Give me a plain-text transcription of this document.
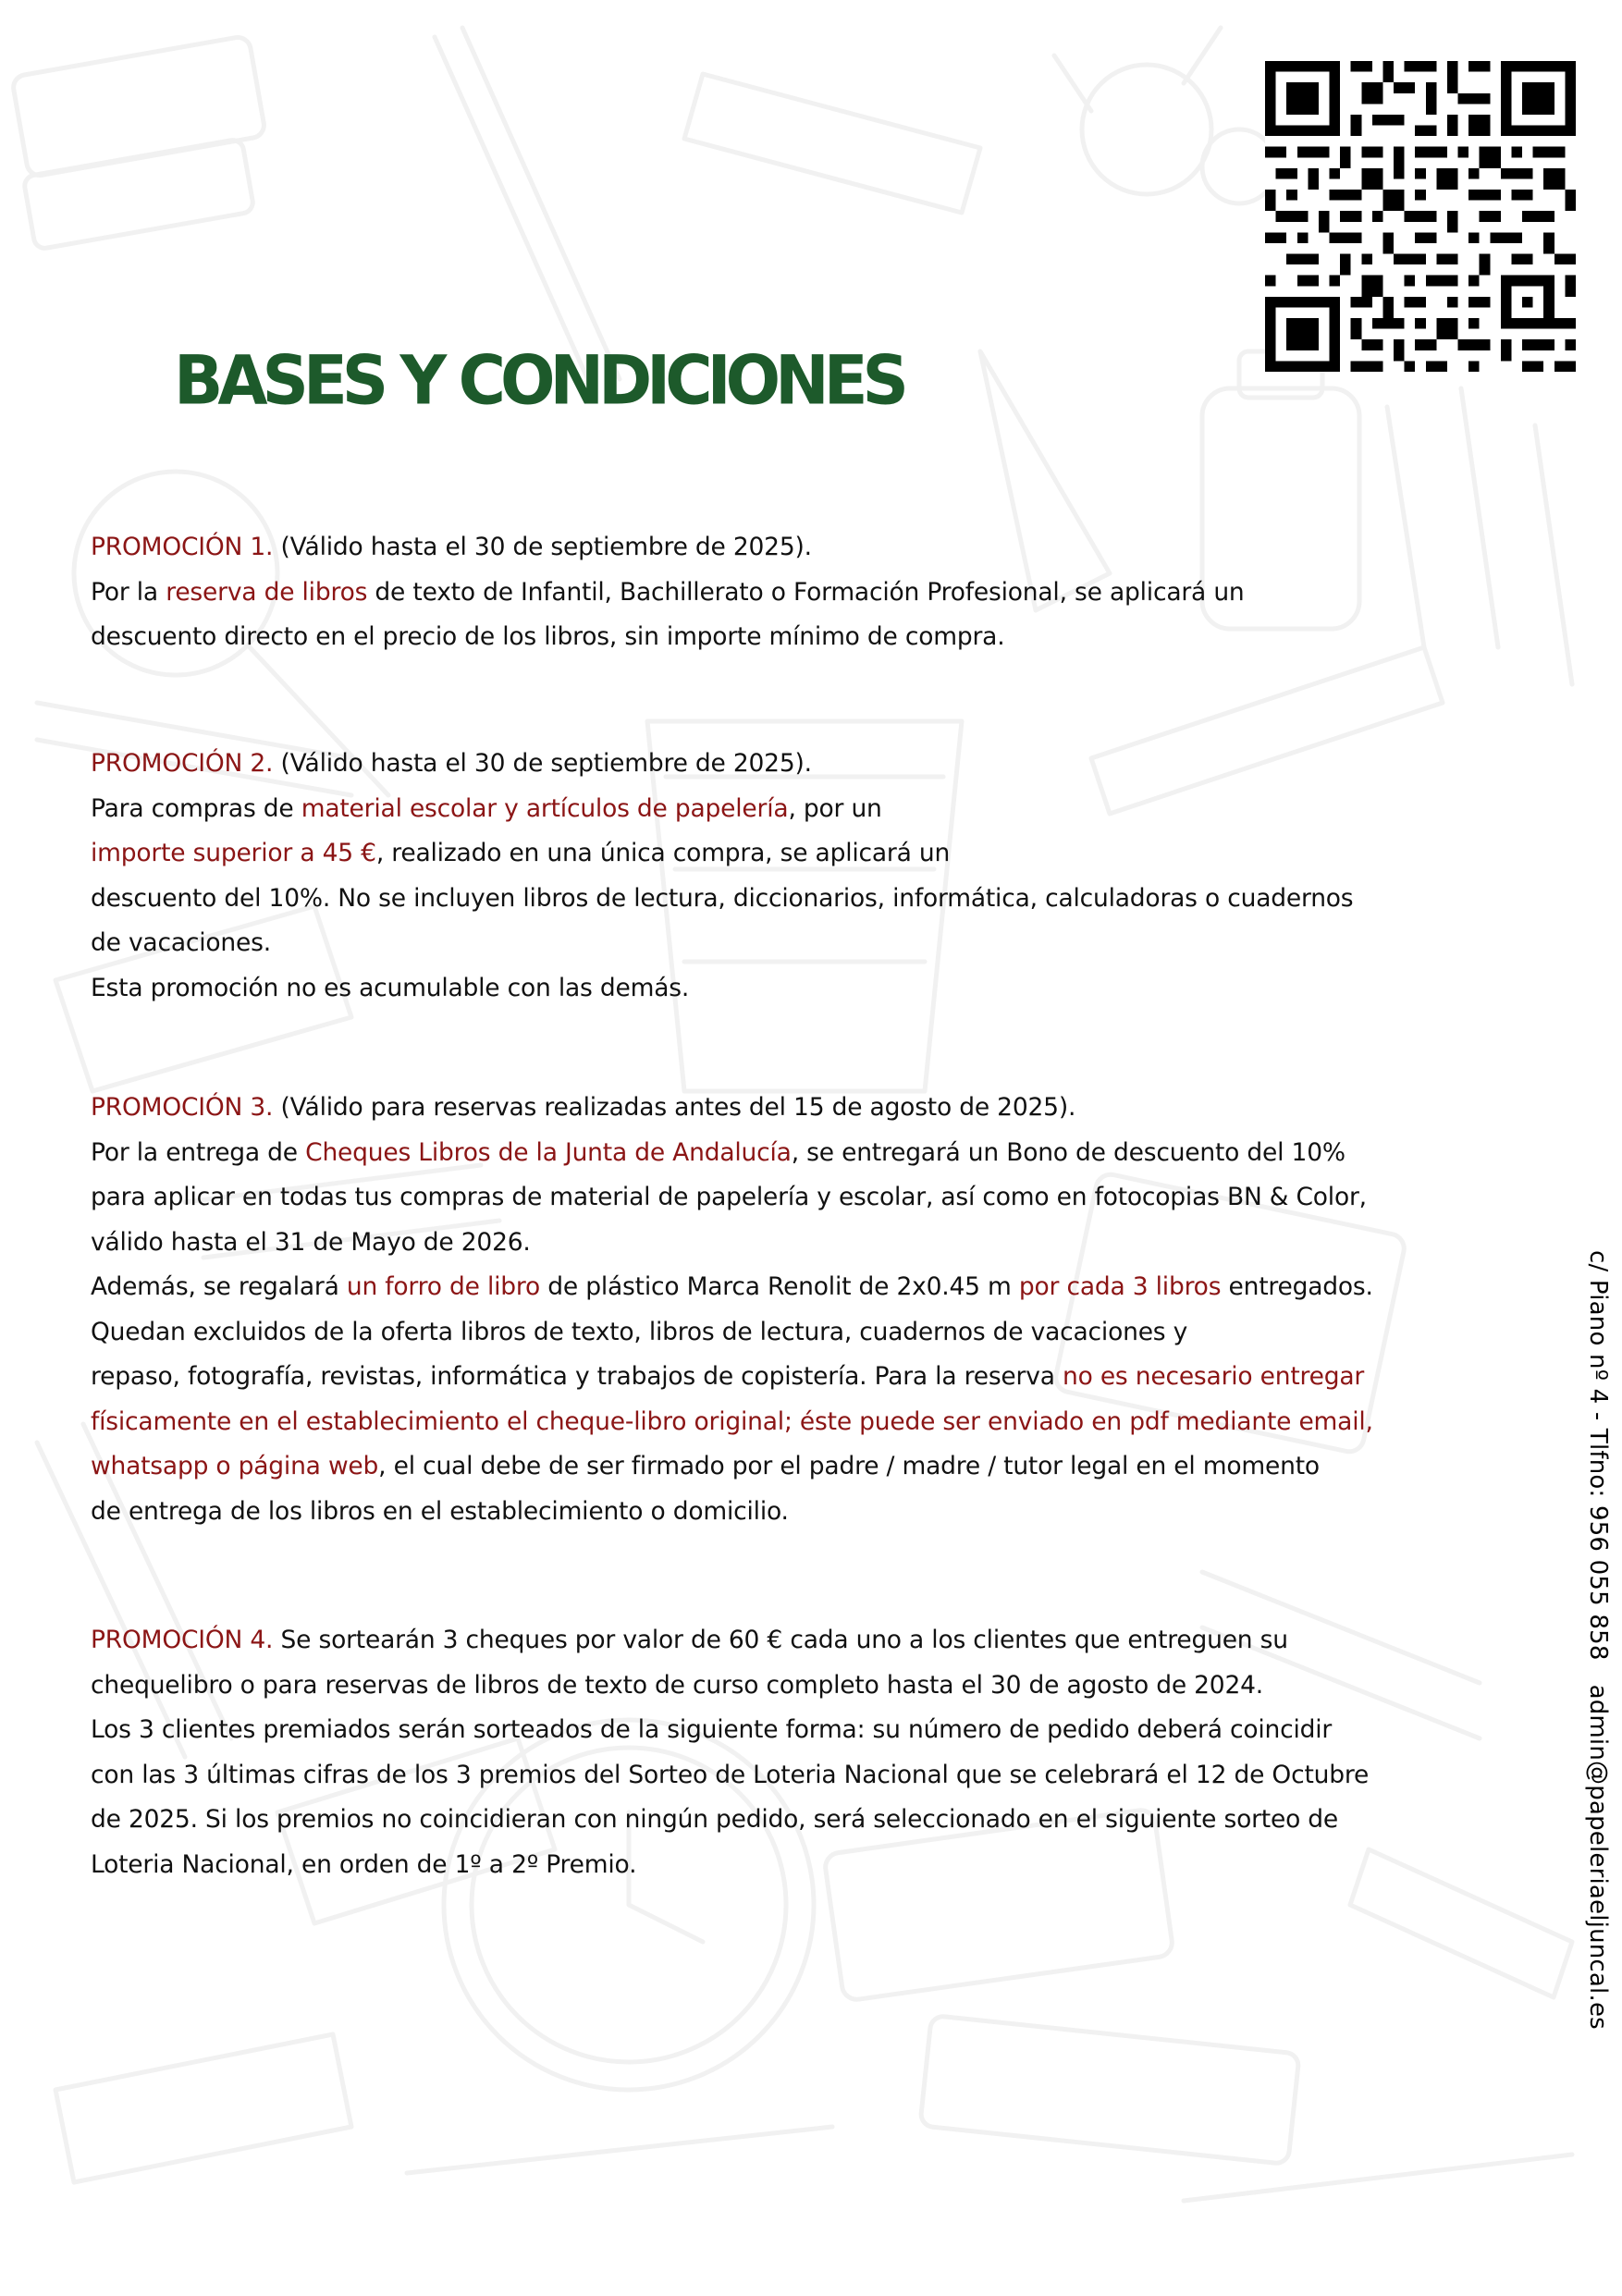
BASES Y CONDICIONES
PROMOCIÓN 1. (Válido hasta el 30 de septiembre de 2025).
Por la reserva de libros de texto de Infantil, Bachillerato o Formación Profesional, se aplicará un
descuento directo en el precio de los libros, sin importe mínimo de compra.
PROMOCIÓN 2. (Válido hasta el 30 de septiembre de 2025).
Para compras de material escolar y artículos de papelería, por un
importe superior a 45 €, realizado en una única compra, se aplicará un
descuento del 10%. No se incluyen libros de lectura, diccionarios, informática, calculadoras o cuadernos
de vacaciones.
Esta promoción no es acumulable con las demás.
PROMOCIÓN 3. (Válido para reservas realizadas antes del 15 de agosto de 2025).
Por la entrega de Cheques Libros de la Junta de Andalucía, se entregará un Bono de descuento del 10%
para aplicar en todas tus compras de material de papelería y escolar, así como en fotocopias BN & Color,
válido hasta el 31 de Mayo de 2026.
Además, se regalará un forro de libro de plástico Marca Renolit de 2x0.45 m por cada 3 libros entregados.
Quedan excluidos de la oferta libros de texto, libros de lectura, cuadernos de vacaciones y
repaso, fotografía, revistas, informática y trabajos de copistería. Para la reserva no es necesario entregar
físicamente en el establecimiento el cheque-libro original; éste puede ser enviado en pdf mediante email,
whatsapp o página web, el cual debe de ser firmado por el padre / madre / tutor legal en el momento
de entrega de los libros en el establecimiento o domicilio.
PROMOCIÓN 4. Se sortearán 3 cheques por valor de 60 € cada uno a los clientes que entreguen su
chequelibro o para reservas de libros de texto de curso completo hasta el 30 de agosto de 2024.
Los 3 clientes premiados serán sorteados de la siguiente forma: su número de pedido deberá coincidir
con las 3 últimas cifras de los 3 premios del Sorteo de Loteria Nacional que se celebrará el 12 de Octubre
de 2025. Si los premios no coincidieran con ningún pedido, será seleccionado en el siguiente sorteo de
Loteria Nacional, en orden de 1º a 2º Premio.
c/ Piano nº 4 - Tlfno: 956 055 858admin@papeleriaeljuncal.es
